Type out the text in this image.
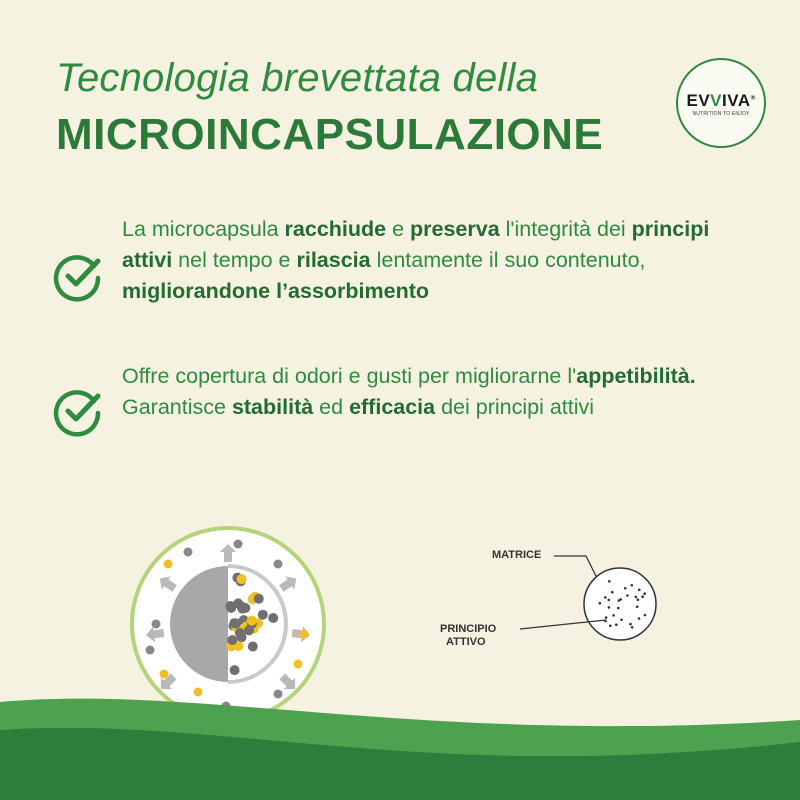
Tecnologia brevettata della
MICROINCAPSULAZIONE
EVVIVA®
NUTRITION TO ENJOY
La microcapsula racchiude e preserva l'integrità dei principi attivi nel tempo e rilascia lentamente il suo contenuto, migliorandone l’assorbimento
Offre copertura di odori e gusti per migliorarne l'appetibilità.
Garantisce stabilità ed efficacia dei principi attivi
MATRICE
PRINCIPIO
ATTIVO
